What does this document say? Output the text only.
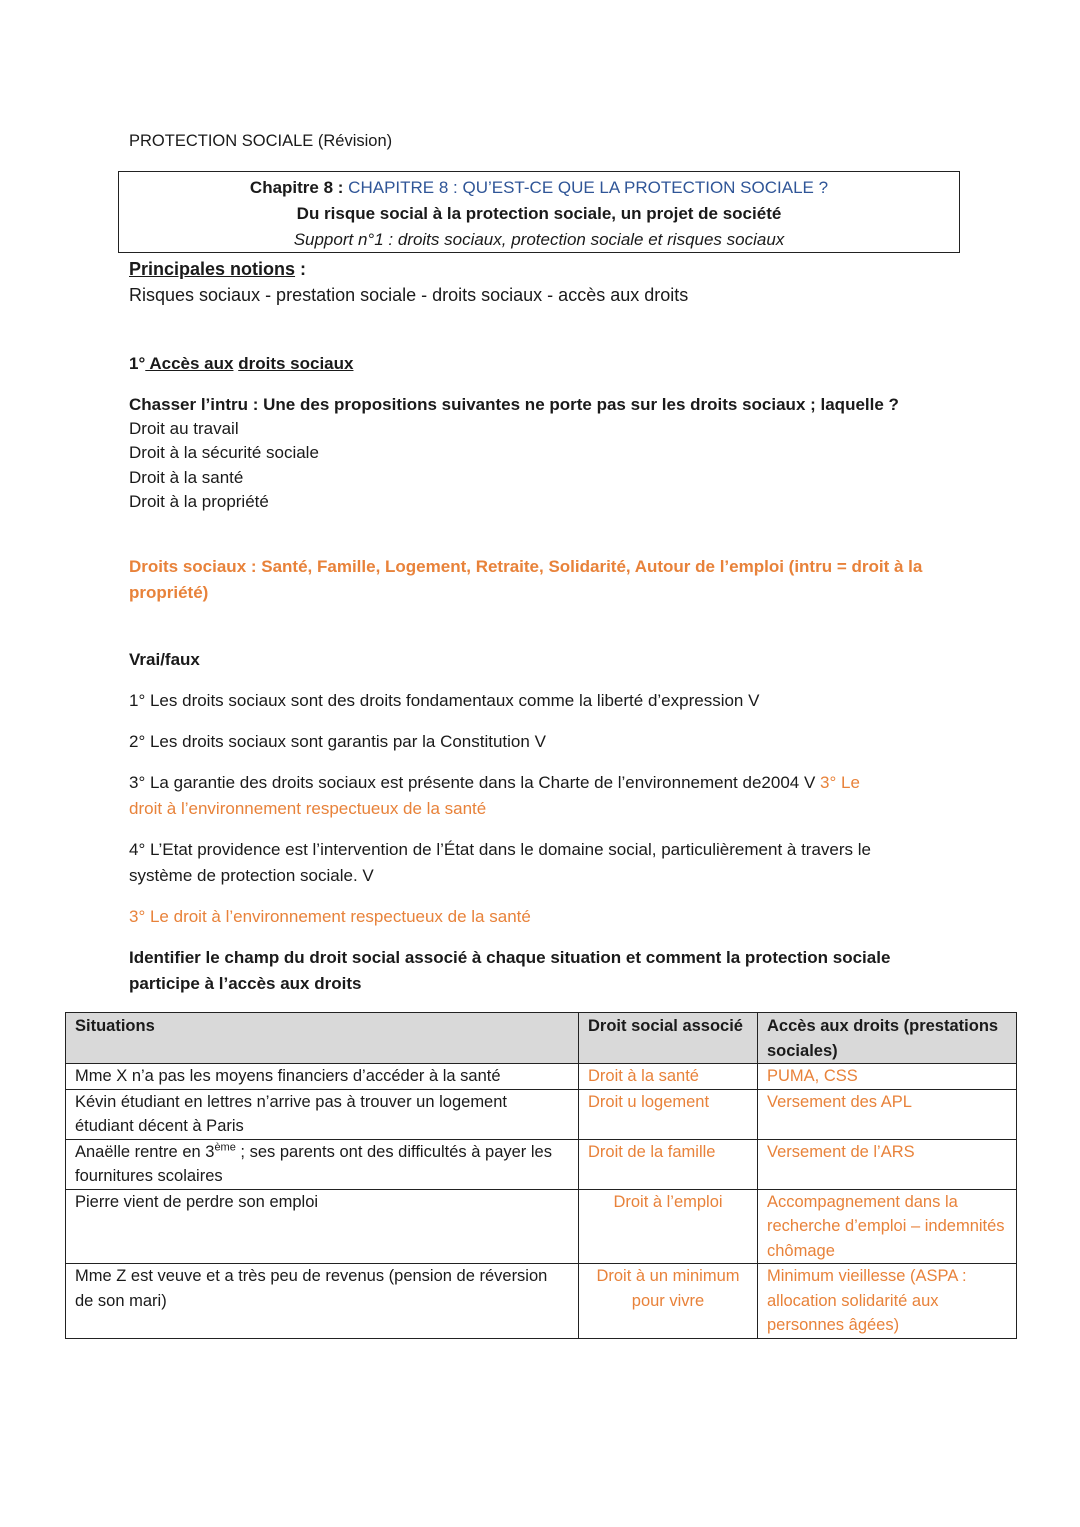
PROTECTION SOCIALE (Révision)
Chapitre 8 : CHAPITRE 8 : QU’EST-CE QUE LA PROTECTION SOCIALE ?
Du risque social à la protection sociale, un projet de société
Support n°1 : droits sociaux, protection sociale et risques sociaux
Principales notions :
Risques sociaux - prestation sociale - droits sociaux - accès aux droits
1° Accès aux droits sociaux
Chasser l’intru : Une des propositions suivantes ne porte pas sur les droits sociaux ; laquelle ?
Droit au travail
Droit à la sécurité sociale
Droit à la santé
Droit à la propriété
Droits sociaux : Santé, Famille, Logement, Retraite, Solidarité, Autour de l’emploi (intru = droit à la
propriété)
Vrai/faux
1° Les droits sociaux sont des droits fondamentaux comme la liberté d’expression V
2° Les droits sociaux sont garantis par la Constitution V
3° La garantie des droits sociaux est présente dans la Charte de l’environnement de2004 V 3° Le
droit à l’environnement respectueux de la santé
4° L’Etat providence est l’intervention de l’État dans le domaine social, particulièrement à travers le
système de protection sociale. V
3° Le droit à l’environnement respectueux de la santé
Identifier le champ du droit social associé à chaque situation et comment la protection sociale
participe à l’accès aux droits
Situations	Droit social associé	Accès aux droits (prestations sociales)
Mme X n’a pas les moyens financiers d’accéder à la santé	Droit à la santé	PUMA, CSS
Kévin étudiant en lettres n’arrive pas à trouver un logement étudiant décent à Paris	Droit u logement	Versement des APL
Anaëlle rentre en 3ème ; ses parents ont des difficultés à payer les fournitures scolaires	Droit de la famille	Versement de l’ARS
Pierre vient de perdre son emploi	Droit à l’emploi	Accompagnement dans la recherche d’emploi – indemnités chômage
Mme Z est veuve et a très peu de revenus (pension de réversion de son mari)	Droit à un minimum pour vivre	Minimum vieillesse (ASPA : allocation solidarité aux personnes âgées)
